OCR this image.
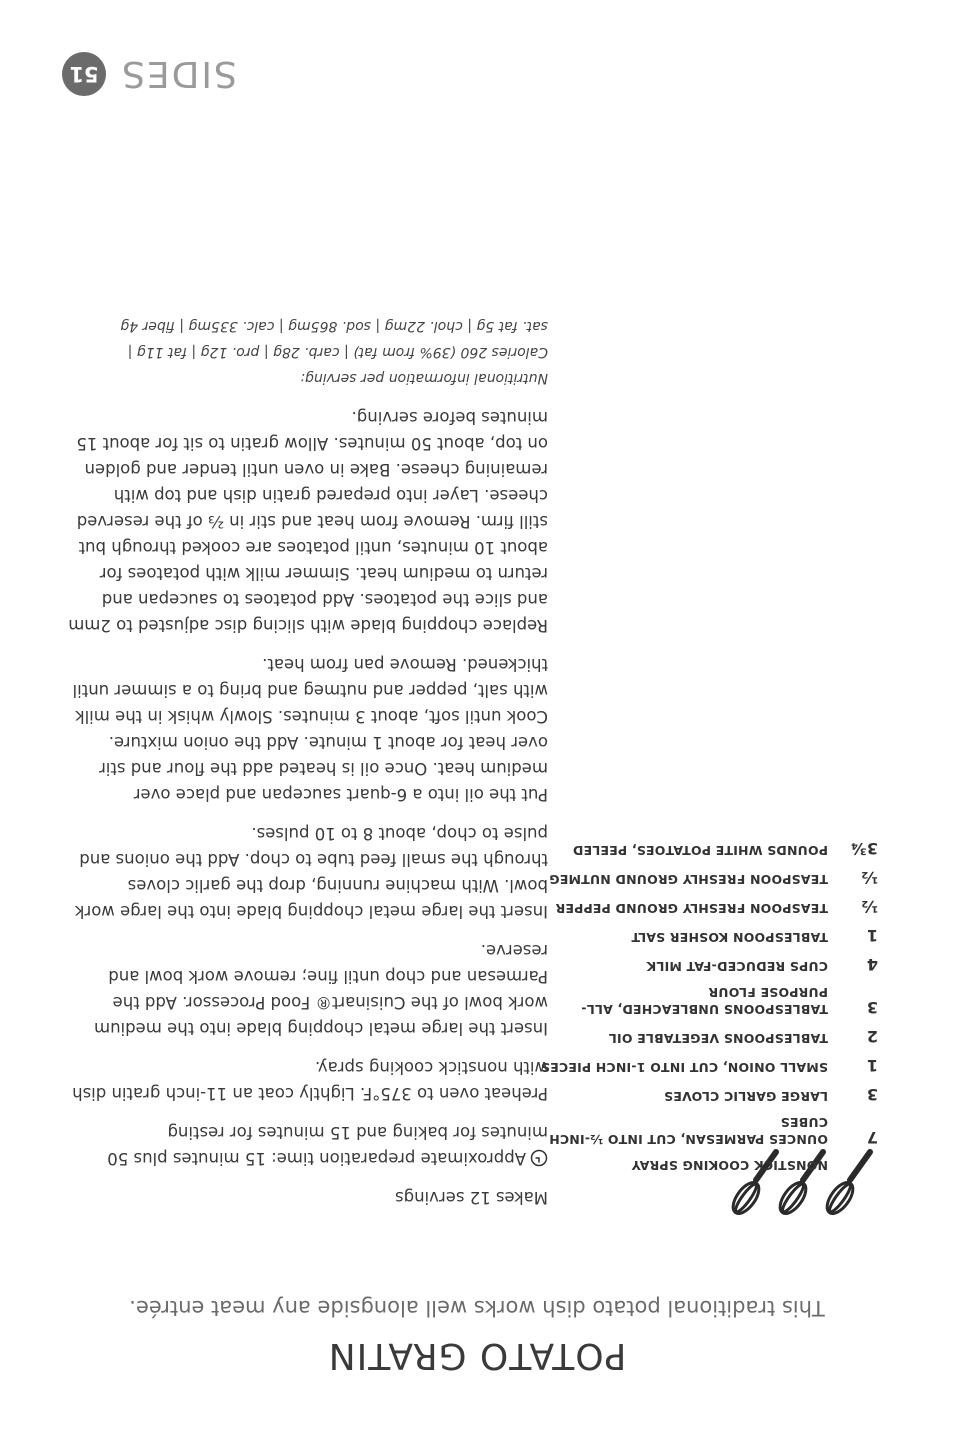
POTATO GRATIN
This traditional potato dish works well alongside any meat entrée.
NONSTICK COOKING SPRAY
7
OUNCES PARMESAN, CUT INTO ½-INCH CUBES
3
LARGE GARLIC CLOVES
1
SMALL ONION, CUT INTO 1-INCH PIECES
2
TABLESPOONS VEGETABLE OIL
3
TABLESPOONS UNBLEACHED, ALL-PURPOSE FLOUR
4
CUPS REDUCED-FAT MILK
1
TABLESPOON KOSHER SALT
½
TEASPOON FRESHLY GROUND PEPPER
½
TEASPOON FRESHLY GROUND NUTMEG
3¾
POUNDS WHITE POTATOES, PEELED

Makes 12 servings

Approximate preparation time: 15 minutes plus 50 minutes for baking and 15 minutes for resting

Preheat oven to 375°F. Lightly coat an 11-inch gratin dish with nonstick cooking spray.

Insert the large metal chopping blade into the medium work bowl of the Cuisinart® Food Processor. Add the Parmesan and chop until fine; remove work bowl and reserve.

Insert the large metal chopping blade into the large work bowl. With machine running, drop the garlic cloves through the small feed tube to chop. Add the onions and pulse to chop, about 8 to 10 pulses.

Put the oil into a 6-quart saucepan and place over medium heat. Once oil is heated add the flour and stir over heat for about 1 minute. Add the onion mixture. Cook until soft, about 3 minutes. Slowly whisk in the milk with salt, pepper and nutmeg and bring to a simmer until thickened. Remove pan from heat.

Replace chopping blade with slicing disc adjusted to 2mm and slice the potatoes. Add potatoes to saucepan and return to medium heat. Simmer milk with potatoes for about 10 minutes, until potatoes are cooked through but still firm. Remove from heat and stir in ⅔ of the reserved cheese. Layer into prepared gratin dish and top with remaining cheese. Bake in oven until tender and golden on top, about 50 minutes. Allow gratin to sit for about 15 minutes before serving.

Nutritional information per serving:
Calories 260 (39% from fat) | carb. 28g | pro. 12g | fat 11g |
sat. fat 5g | chol. 22mg | sod. 865mg | calc. 335mg | fiber 4g
SIDES
51
